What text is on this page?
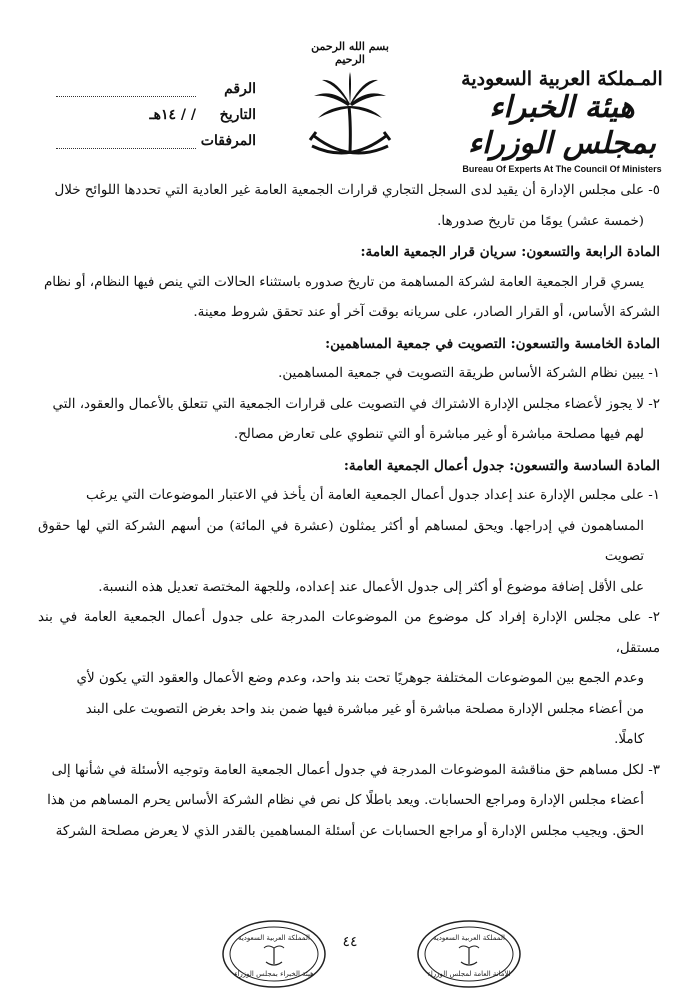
المـملكة العربية السعودية
هيئة الخبراء بمجلس الوزراء
Bureau Of Experts At The Council Of Ministers
بسم الله الرحمن الرحيم
الرقم
التاريخ/ / ١٤هـ
المرفقات

٥- على مجلس الإدارة أن يقيد لدى السجل التجاري قرارات الجمعية العامة غير العادية التي تحددها اللوائح خلال

(خمسة عشر) يومًا من تاريخ صدورها.

المادة الرابعة والتسعون: سريان قرار الجمعية العامة:

يسري قرار الجمعية العامة لشركة المساهمة من تاريخ صدوره باستثناء الحالات التي ينص فيها النظام، أو نظام

الشركة الأساس، أو القرار الصادر، على سريانه بوقت آخر أو عند تحقق شروط معينة.

المادة الخامسة والتسعون: التصويت في جمعية المساهمين:

١- يبين نظام الشركة الأساس طريقة التصويت في جمعية المساهمين.

٢- لا يجوز لأعضاء مجلس الإدارة الاشتراك في التصويت على قرارات الجمعية التي تتعلق بالأعمال والعقود، التي

لهم فيها مصلحة مباشرة أو غير مباشرة أو التي تنطوي على تعارض مصالح.

المادة السادسة والتسعون: جدول أعمال الجمعية العامة:

١- على مجلس الإدارة عند إعداد جدول أعمال الجمعية العامة أن يأخذ في الاعتبار الموضوعات التي يرغب

المساهمون في إدراجها. ويحق لمساهم أو أكثر يمثلون (عشرة في المائة) من أسهم الشركة التي لها حقوق تصويت

على الأقل إضافة موضوع أو أكثر إلى جدول الأعمال عند إعداده، وللجهة المختصة تعديل هذه النسبة.

٢- على مجلس الإدارة إفراد كل موضوع من الموضوعات المدرجة على جدول أعمال الجمعية العامة في بند مستقل،

وعدم الجمع بين الموضوعات المختلفة جوهريًا تحت بند واحد، وعدم وضع الأعمال والعقود التي يكون لأي

من أعضاء مجلس الإدارة مصلحة مباشرة أو غير مباشرة فيها ضمن بند واحد بغرض التصويت على البند

كاملًا.

٣- لكل مساهم حق مناقشة الموضوعات المدرجة في جدول أعمال الجمعية العامة وتوجيه الأسئلة في شأنها إلى

أعضاء مجلس الإدارة ومراجع الحسابات. ويعد باطلًا كل نص في نظام الشركة الأساس يحرم المساهم من هذا

الحق. ويجيب مجلس الإدارة أو مراجع الحسابات عن أسئلة المساهمين بالقدر الذي لا يعرض مصلحة الشركة

٤٤
المملكة العربية السعودية
هيئة الخبراء بمجلس الوزراء
المملكة العربية السعودية
الأمانة العامة لمجلس الوزراء
